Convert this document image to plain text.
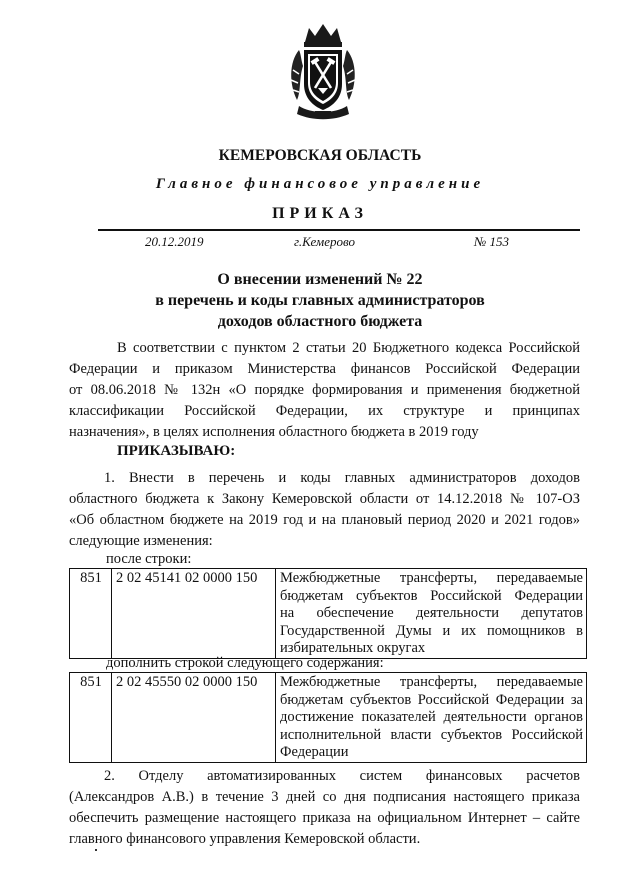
КЕМЕРОВСКАЯ ОБЛАСТЬ
Главное финансовое управление
ПРИКАЗ
20.12.2019	г.Кемерово	№ 153
О внесении изменений № 22
в перечень и коды главных администраторов
доходов областного бюджета
В соответствии с пунктом 2 статьи 20 Бюджетного кодекса Российской
Федерации и приказом Министерства финансов Российской Федерации
от 08.06.2018 № 132н «О порядке формирования и применения бюджетной
классификации Российской Федерации, их структуре и принципах
назначения», в целях исполнения областного бюджета в 2019 году
ПРИКАЗЫВАЮ:
1. Внести в перечень и коды главных администраторов доходов
областного бюджета к Закону Кемеровской области от 14.12.2018 № 107-ОЗ
«Об областном бюджете на 2019 год и на плановый период 2020 и 2021 годов»
следующие изменения:
после строки:
851	2 02 45141 02 0000 150	Межбюджетные трансферты, передаваемые
бюджетам субъектов Российской Федерации
на обеспечение деятельности депутатов
Государственной Думы и их помощников в
избирательных округах
дополнить строкой следующего содержания:
851	2 02 45550 02 0000 150	Межбюджетные трансферты, передаваемые
бюджетам субъектов Российской Федерации за
достижение показателей деятельности органов
исполнительной власти субъектов Российской
Федерации
2. Отделу автоматизированных систем финансовых расчетов
(Александров А.В.) в течение 3 дней со дня подписания настоящего приказа
обеспечить размещение настоящего приказа на официальном Интернет – сайте
главного финансового управления Кемеровской области.
